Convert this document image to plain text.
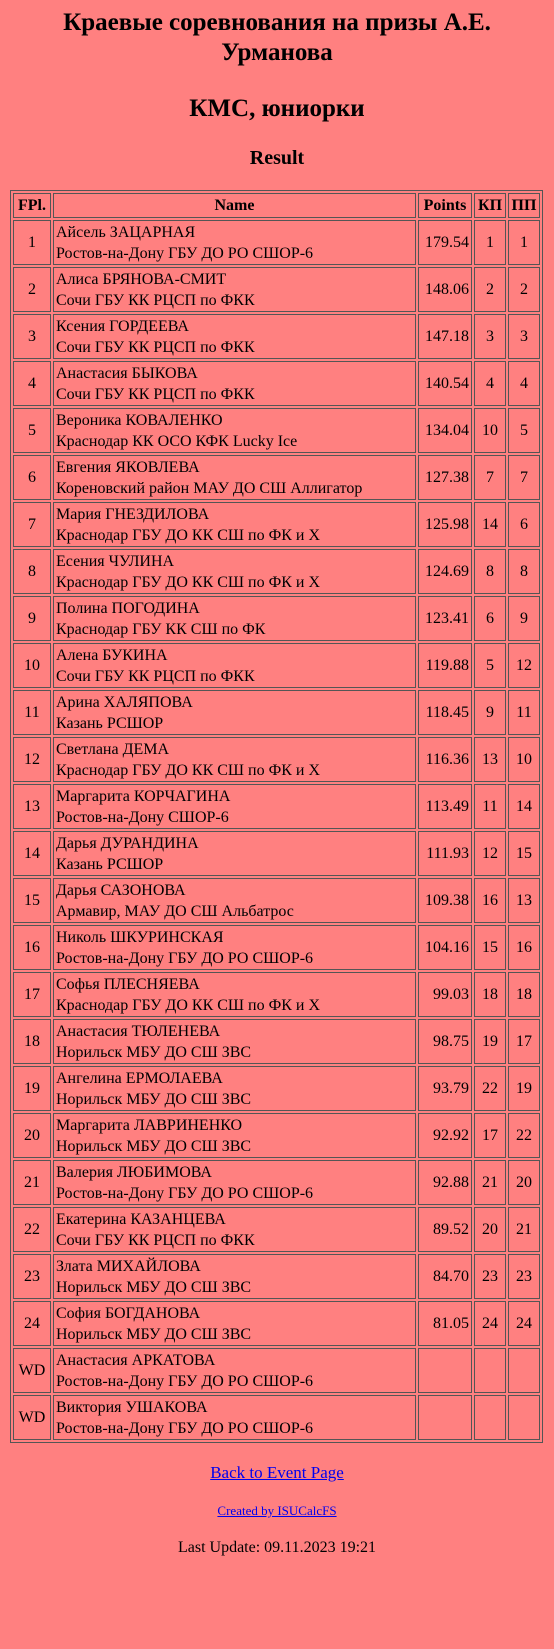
Краевые соревнования на призы А.Е. Урманова
КМС, юниорки
Result
FPl.	Name	Points	КП	ПП
1	Айсель ЗАЦАРНАЯ
Ростов-на-Дону ГБУ ДО РО СШОР-6	179.54	1	1
2	Алиса БРЯНОВА-СМИТ
Сочи ГБУ КК РЦСП по ФКК	148.06	2	2
3	Ксения ГОРДЕЕВА
Сочи ГБУ КК РЦСП по ФКК	147.18	3	3
4	Анастасия БЫКОВА
Сочи ГБУ КК РЦСП по ФКК	140.54	4	4
5	Вероника КОВАЛЕНКО
Краснодар КК ОСО КФК Lucky Ice	134.04	10	5
6	Евгения ЯКОВЛЕВА
Кореновский район МАУ ДО СШ Аллигатор	127.38	7	7
7	Мария ГНЕЗДИЛОВА
Краснодар ГБУ ДО КК СШ по ФК и Х	125.98	14	6
8	Есения ЧУЛИНА
Краснодар ГБУ ДО КК СШ по ФК и Х	124.69	8	8
9	Полина ПОГОДИНА
Краснодар ГБУ КК СШ по ФК	123.41	6	9
10	Алена БУКИНА
Сочи ГБУ КК РЦСП по ФКК	119.88	5	12
11	Арина ХАЛЯПОВА
Казань РСШОР	118.45	9	11
12	Светлана ДЕМА
Краснодар ГБУ ДО КК СШ по ФК и Х	116.36	13	10
13	Маргарита КОРЧАГИНА
Ростов-на-Дону СШОР-6	113.49	11	14
14	Дарья ДУРАНДИНА
Казань РСШОР	111.93	12	15
15	Дарья САЗОНОВА
Армавир, МАУ ДО СШ Альбатрос	109.38	16	13
16	Николь ШКУРИНСКАЯ
Ростов-на-Дону ГБУ ДО РО СШОР-6	104.16	15	16
17	Софья ПЛЕСНЯЕВА
Краснодар ГБУ ДО КК СШ по ФК и Х	99.03	18	18
18	Анастасия ТЮЛЕНЕВА
Норильск МБУ ДО СШ ЗВС	98.75	19	17
19	Ангелина ЕРМОЛАЕВА
Норильск МБУ ДО СШ ЗВС	93.79	22	19
20	Маргарита ЛАВРИНЕНКО
Норильск МБУ ДО СШ ЗВС	92.92	17	22
21	Валерия ЛЮБИМОВА
Ростов-на-Дону ГБУ ДО РО СШОР-6	92.88	21	20
22	Екатерина КАЗАНЦЕВА
Сочи ГБУ КК РЦСП по ФКК	89.52	20	21
23	Злата МИХАЙЛОВА
Норильск МБУ ДО СШ ЗВС	84.70	23	23
24	София БОГДАНОВА
Норильск МБУ ДО СШ ЗВС	81.05	24	24
WD	Анастасия АРКАТОВА
Ростов-на-Дону ГБУ ДО РО СШОР-6			

WD	Виктория УШАКОВА
Ростов-на-Дону ГБУ ДО РО СШОР-6			

Back to Event Page
Created by ISUCalcFS
Last Update: 09.11.2023 19:21
